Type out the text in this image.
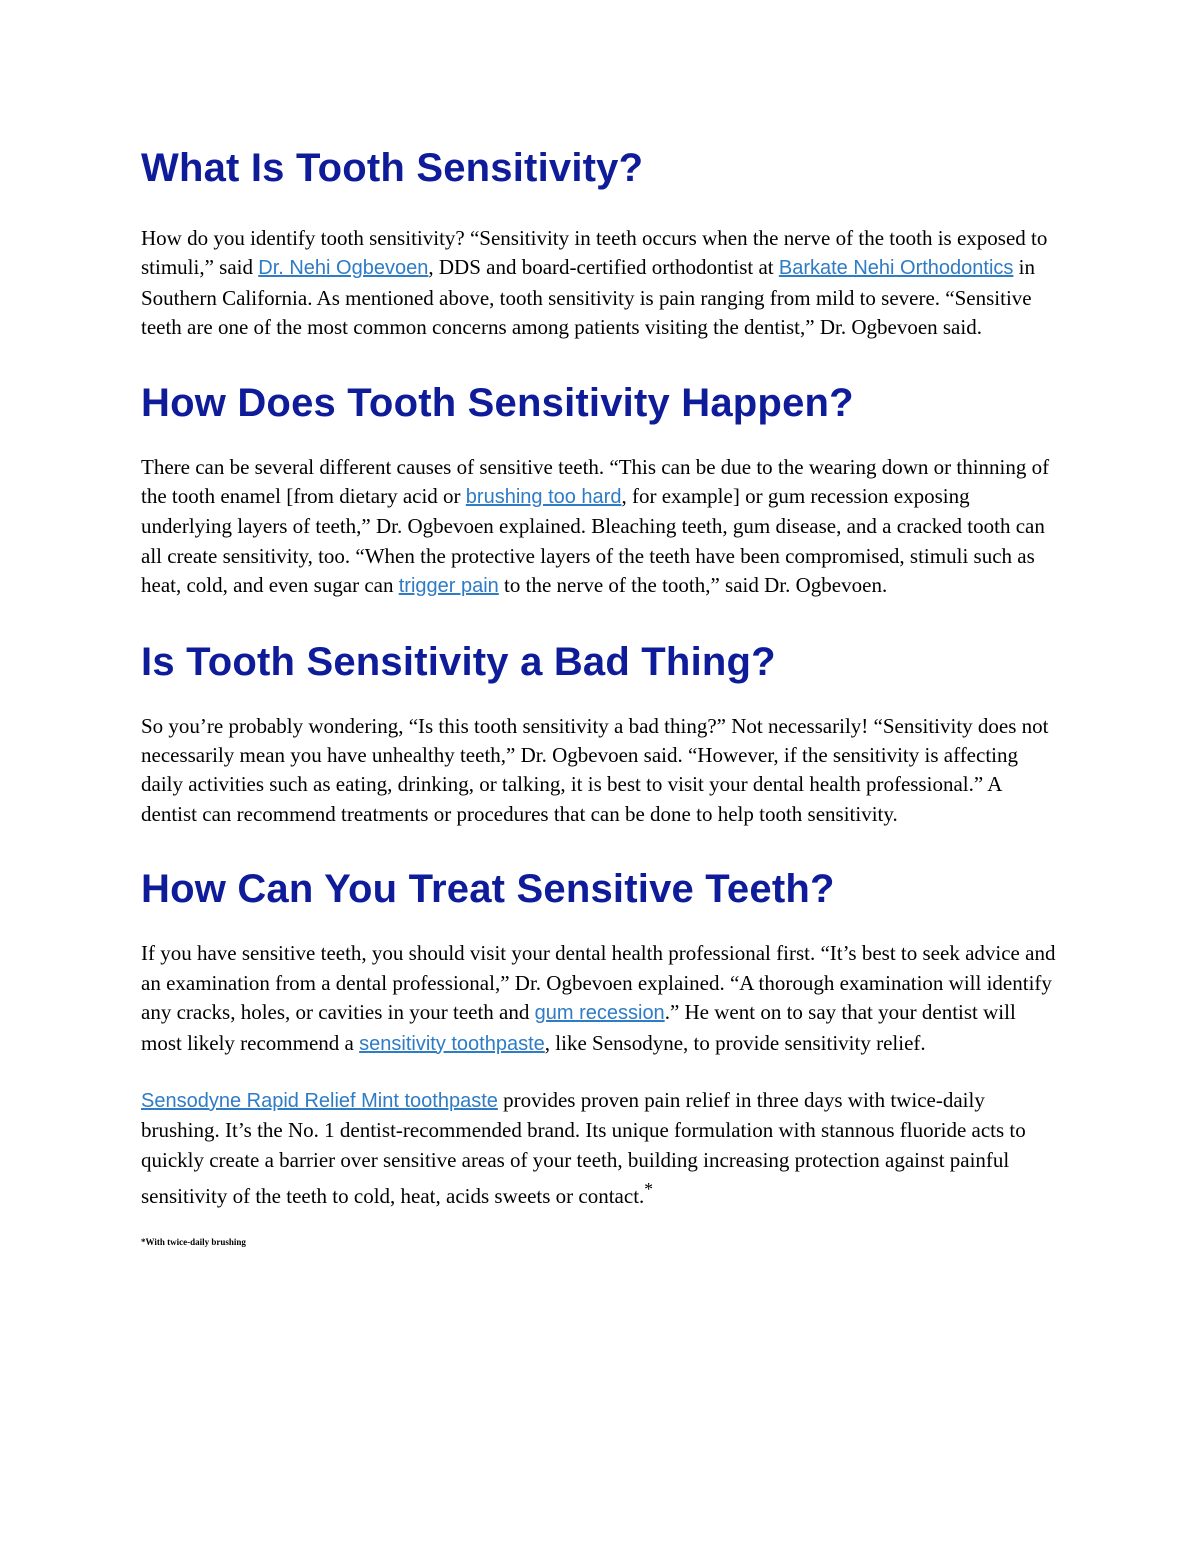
What Is Tooth Sensitivity?

How do you identify tooth sensitivity? “Sensitivity in teeth occurs when the nerve of the tooth is exposed to stimuli,” said Dr. Nehi Ogbevoen, DDS and board-certified orthodontist at Barkate Nehi Orthodontics in Southern California. As mentioned above, tooth sensitivity is pain ranging from mild to severe. “Sensitive teeth are one of the most common concerns among patients visiting the dentist,” Dr. Ogbevoen said.

How Does Tooth Sensitivity Happen?

There can be several different causes of sensitive teeth. “This can be due to the wearing down or thinning of the tooth enamel [from dietary acid or brushing too hard, for example] or gum recession exposing underlying layers of teeth,” Dr. Ogbevoen explained. Bleaching teeth, gum disease, and a cracked tooth can all create sensitivity, too. “When the protective layers of the teeth have been compromised, stimuli such as heat, cold, and even sugar can trigger pain to the nerve of the tooth,” said Dr. Ogbevoen.

Is Tooth Sensitivity a Bad Thing?

So you’re probably wondering, “Is this tooth sensitivity a bad thing?” Not necessarily! “Sensitivity does not necessarily mean you have unhealthy teeth,” Dr. Ogbevoen said. “However, if the sensitivity is affecting daily activities such as eating, drinking, or talking, it is best to visit your dental health professional.” A dentist can recommend treatments or procedures that can be done to help tooth sensitivity.

How Can You Treat Sensitive Teeth?

If you have sensitive teeth, you should visit your dental health professional first. “It’s best to seek advice and an examination from a dental professional,” Dr. Ogbevoen explained. “A thorough examination will identify any cracks, holes, or cavities in your teeth and gum recession.” He went on to say that your dentist will most likely recommend a sensitivity toothpaste, like Sensodyne, to provide sensitivity relief.

Sensodyne Rapid Relief Mint toothpaste provides proven pain relief in three days with twice-daily brushing. It’s the No. 1 dentist-recommended brand. Its unique formulation with stannous fluoride acts to quickly create a barrier over sensitive areas of your teeth, building increasing protection against painful sensitivity of the teeth to cold, heat, acids sweets or contact.*

*With twice-daily brushing
